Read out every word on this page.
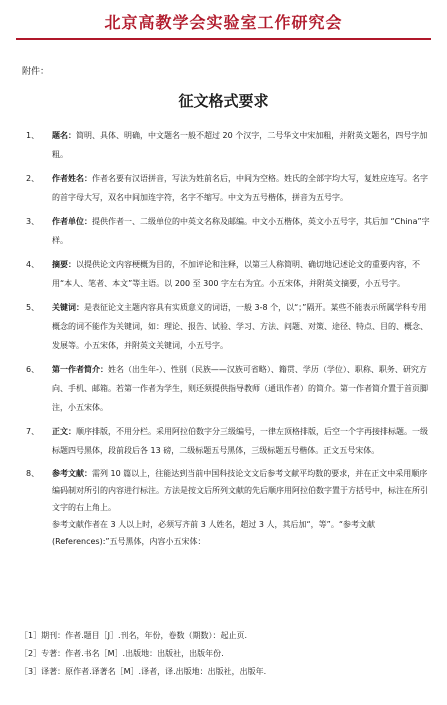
北京高教学会实验室工作研究会
附件：
征文格式要求
1、 题名：简明、具体、明确，中文题名一般不超过 20 个汉字，二号华文中宋加粗，并附英文题名，四号字加粗。
2、 作者姓名：作者名要有汉语拼音，写法为姓前名后，中间为空格。姓氏的全部字均大写，复姓应连写。名字的首字母大写，双名中间加连字符，名字不缩写。中文为五号楷体，拼音为五号字。
3、 作者单位：提供作者一、二级单位的中英文名称及邮编。中文小五楷体，英文小五号字，其后加 “China”字样。
4、 摘要：以提供论文内容梗概为目的，不加评论和注释，以第三人称简明、确切地记述论文的重要内容，不用“本人、笔者、本文”等主语。以 200 至 300 字左右为宜。小五宋体，并附英文摘要，小五号字。
5、 关键词：是表征论文主题内容具有实质意义的词语，一般 3-8 个，以“；”隔开。某些不能表示所属学科专用概念的词不能作为关键词，如：理论、报告、试验、学习、方法、问题、对策、途径、特点、目的、概念、发展等。小五宋体，并附英文关键词，小五号字。
6、 第一作者简介：姓名（出生年-）、性别（民族——汉族可省略）、籍贯、学历（学位）、职称、职务、研究方向、手机、邮箱。若第一作者为学生，则还须提供指导教师（通讯作者）的简介。第一作者简介置于首页脚注，小五宋体。
7、 正文：顺序排版，不用分栏。采用阿拉伯数字分三级编号，一律左顶格排版，后空一个字再接排标题。一级标题四号黑体，段前段后各 13 磅，二级标题五号黑体，三级标题五号楷体。正文五号宋体。
8、 参考文献：需列 10 篇以上，往能达到当前中国科技论文文后参考文献平均数的要求，并在正文中采用顺序编码制对所引的内容进行标注。方法是按文后所列文献的先后顺序用阿拉伯数字置于方括号中，标注在所引文字的右上角上。
参考文献作者在 3 人以上时，必须写齐前 3 人姓名，超过 3 人，其后加“，等”。“参考文献(References):”五号黑体，内容小五宋体：
［1］期刊：作者.题目［J］.刊名，年份，卷数（期数）：起止页.
［2］专著：作者.书名［M］.出版地：出版社，出版年份.
［3］译著：原作者.译著名［M］.译者，译.出版地：出版社，出版年.
